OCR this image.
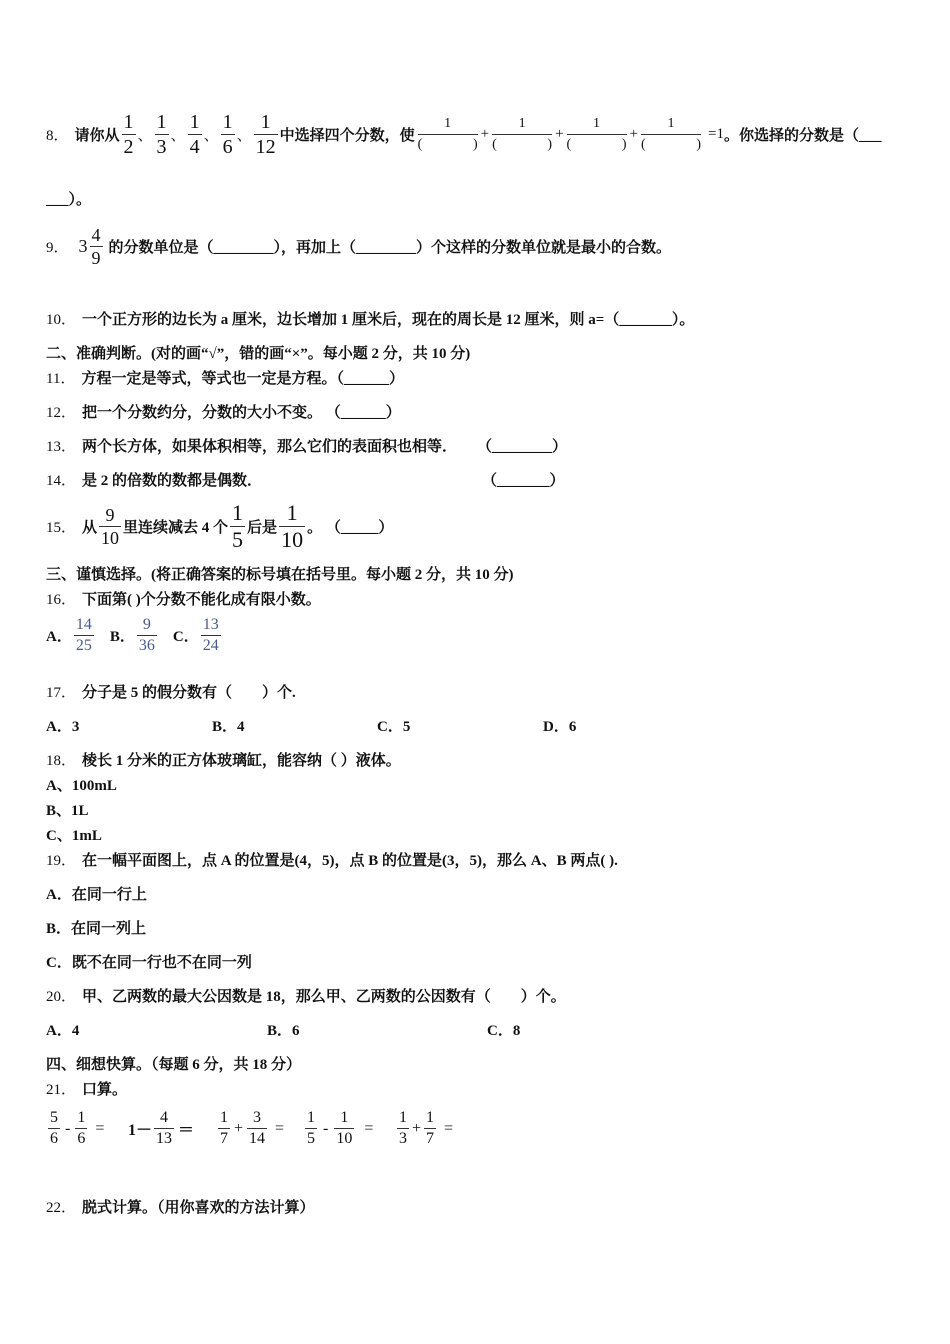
8． 请你从 $\frac{1}{2}$ 、 $\frac{1}{3}$ 、 $\frac{1}{4}$ 、 $\frac{1}{6}$ 、 $\frac{1}{12}$ 中选择四个分数，使 1
(	) + 1
(	) + 1
(	) + 1
(	) =1 。你选择的分数是（___
___）。
9． $3 \frac{4}{9}$ 的分数单位是（________），再加上（________）个这样的分数单位就是最小的合数。
10． 一个正方形的边长为 a 厘米，边长增加 1 厘米后，现在的周长是 12 厘米，则 a=（_______）。
二、准确判断。(对的画“√”，错的画“×”。每小题 2 分，共 10 分)
11． 方程一定是等式，等式也一定是方程。（______）
12． 把一个分数约分，分数的大小不变。 （______）
13． 两个长方体，如果体积相等，那么它们的表面积也相等． （________）
14． 是 2 的倍数的数都是偶数．	（_______）
15． 从 $\frac{9}{10}$ 里连续减去 4 个 $\frac{1}{5}$ 后是 $\frac{1}{10}$ 。 （_____）
三、谨慎选择。(将正确答案的标号填在括号里。每小题 2 分，共 10 分)
16． 下面第( )个分数不能化成有限小数。
A． $\frac{14}{25}$ B． $\frac{9}{36}$ C． $\frac{13}{24}$
17． 分子是 5 的假分数有（　　）个.
A．3	B．4	C．5	D．6
18． 棱长 1 分米的正方体玻璃缸，能容纳（ ）液体。
A、100mL
B、1L
C、1mL
19． 在一幅平面图上，点 A 的位置是(4，5)，点 B 的位置是(3，5)，那么 A、B 两点( ).
A．在同一行上
B．在同一列上
C．既不在同一行也不在同一列
20． 甲、乙两数的最大公因数是 18，那么甲、乙两数的公因数有（　　）个。
A．4	B．6	C．8
四、细想快算。（每题 6 分，共 18 分）
21． 口算。
$\frac{5}{6} - \frac{1}{6} = 1- \frac{4}{13} = \frac{1}{7} + \frac{3}{14} = \frac{1}{5} - \frac{1}{10} = \frac{1}{3} + \frac{1}{7}$ =
22． 脱式计算。（用你喜欢的方法计算）
